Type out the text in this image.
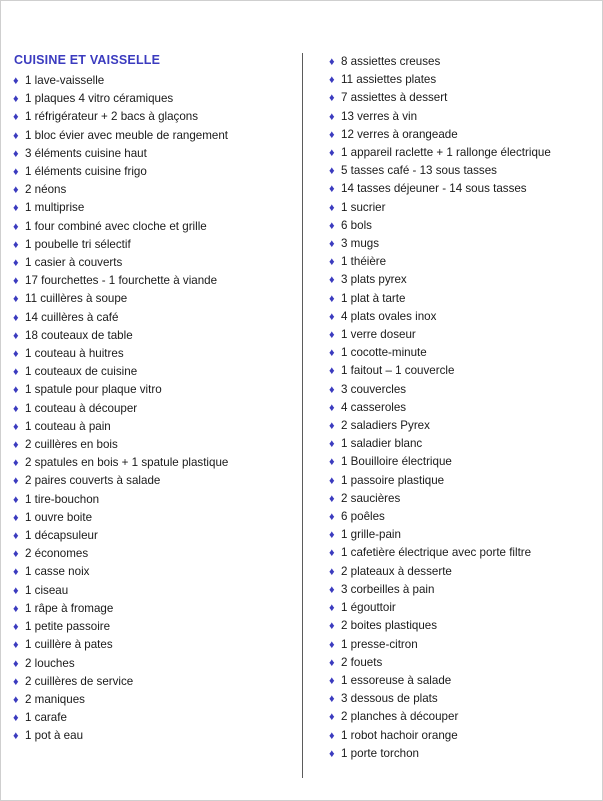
CUISINE ET VAISSELLE
♦ 1 lave-vaisselle
♦ 1 plaques 4 vitro céramiques
♦ 1 réfrigérateur + 2 bacs à glaçons
♦ 1 bloc évier avec meuble de rangement
♦ 3 éléments cuisine haut
♦ 1 éléments cuisine frigo
♦ 2 néons
♦ 1 multiprise
♦ 1 four combiné avec cloche et grille
♦ 1 poubelle tri sélectif
♦ 1 casier à couverts
♦ 17 fourchettes - 1 fourchette à viande
♦ 11 cuillères à soupe
♦ 14 cuillères à café
♦ 18 couteaux de table
♦ 1 couteau à huitres
♦ 1 couteaux de cuisine
♦ 1 spatule pour plaque vitro
♦ 1 couteau à découper
♦ 1 couteau à pain
♦ 2 cuillères en bois
♦ 2 spatules en bois + 1 spatule plastique
♦ 2 paires couverts à salade
♦ 1 tire-bouchon
♦ 1 ouvre boite
♦ 1 décapsuleur
♦ 2 économes
♦ 1 casse noix
♦ 1 ciseau
♦ 1 râpe à fromage
♦ 1 petite passoire
♦ 1 cuillère à pates
♦ 2 louches
♦ 2 cuillères de service
♦ 2 maniques
♦ 1 carafe
♦ 1 pot à eau
♦ 8 assiettes creuses
♦ 11 assiettes plates
♦ 7 assiettes à dessert
♦ 13 verres à vin
♦ 12 verres à orangeade
♦ 1 appareil raclette + 1 rallonge électrique
♦ 5 tasses café - 13 sous tasses
♦ 14 tasses déjeuner - 14 sous tasses
♦ 1 sucrier
♦ 6 bols
♦ 3 mugs
♦ 1 théière
♦ 3 plats pyrex
♦ 1 plat à tarte
♦ 4 plats ovales inox
♦ 1 verre doseur
♦ 1 cocotte-minute
♦ 1 faitout – 1 couvercle
♦ 3 couvercles
♦ 4 casseroles
♦ 2 saladiers Pyrex
♦ 1 saladier blanc
♦ 1 Bouilloire électrique
♦ 1 passoire plastique
♦ 2 saucières
♦ 6 poêles
♦ 1 grille-pain
♦ 1 cafetière électrique avec porte filtre
♦ 2 plateaux à desserte
♦ 3 corbeilles à pain
♦ 1 égouttoir
♦ 2 boites plastiques
♦ 1 presse-citron
♦ 2 fouets
♦ 1 essoreuse à salade
♦ 3 dessous de plats
♦ 2 planches à découper
♦ 1 robot hachoir orange
♦ 1 porte torchon
